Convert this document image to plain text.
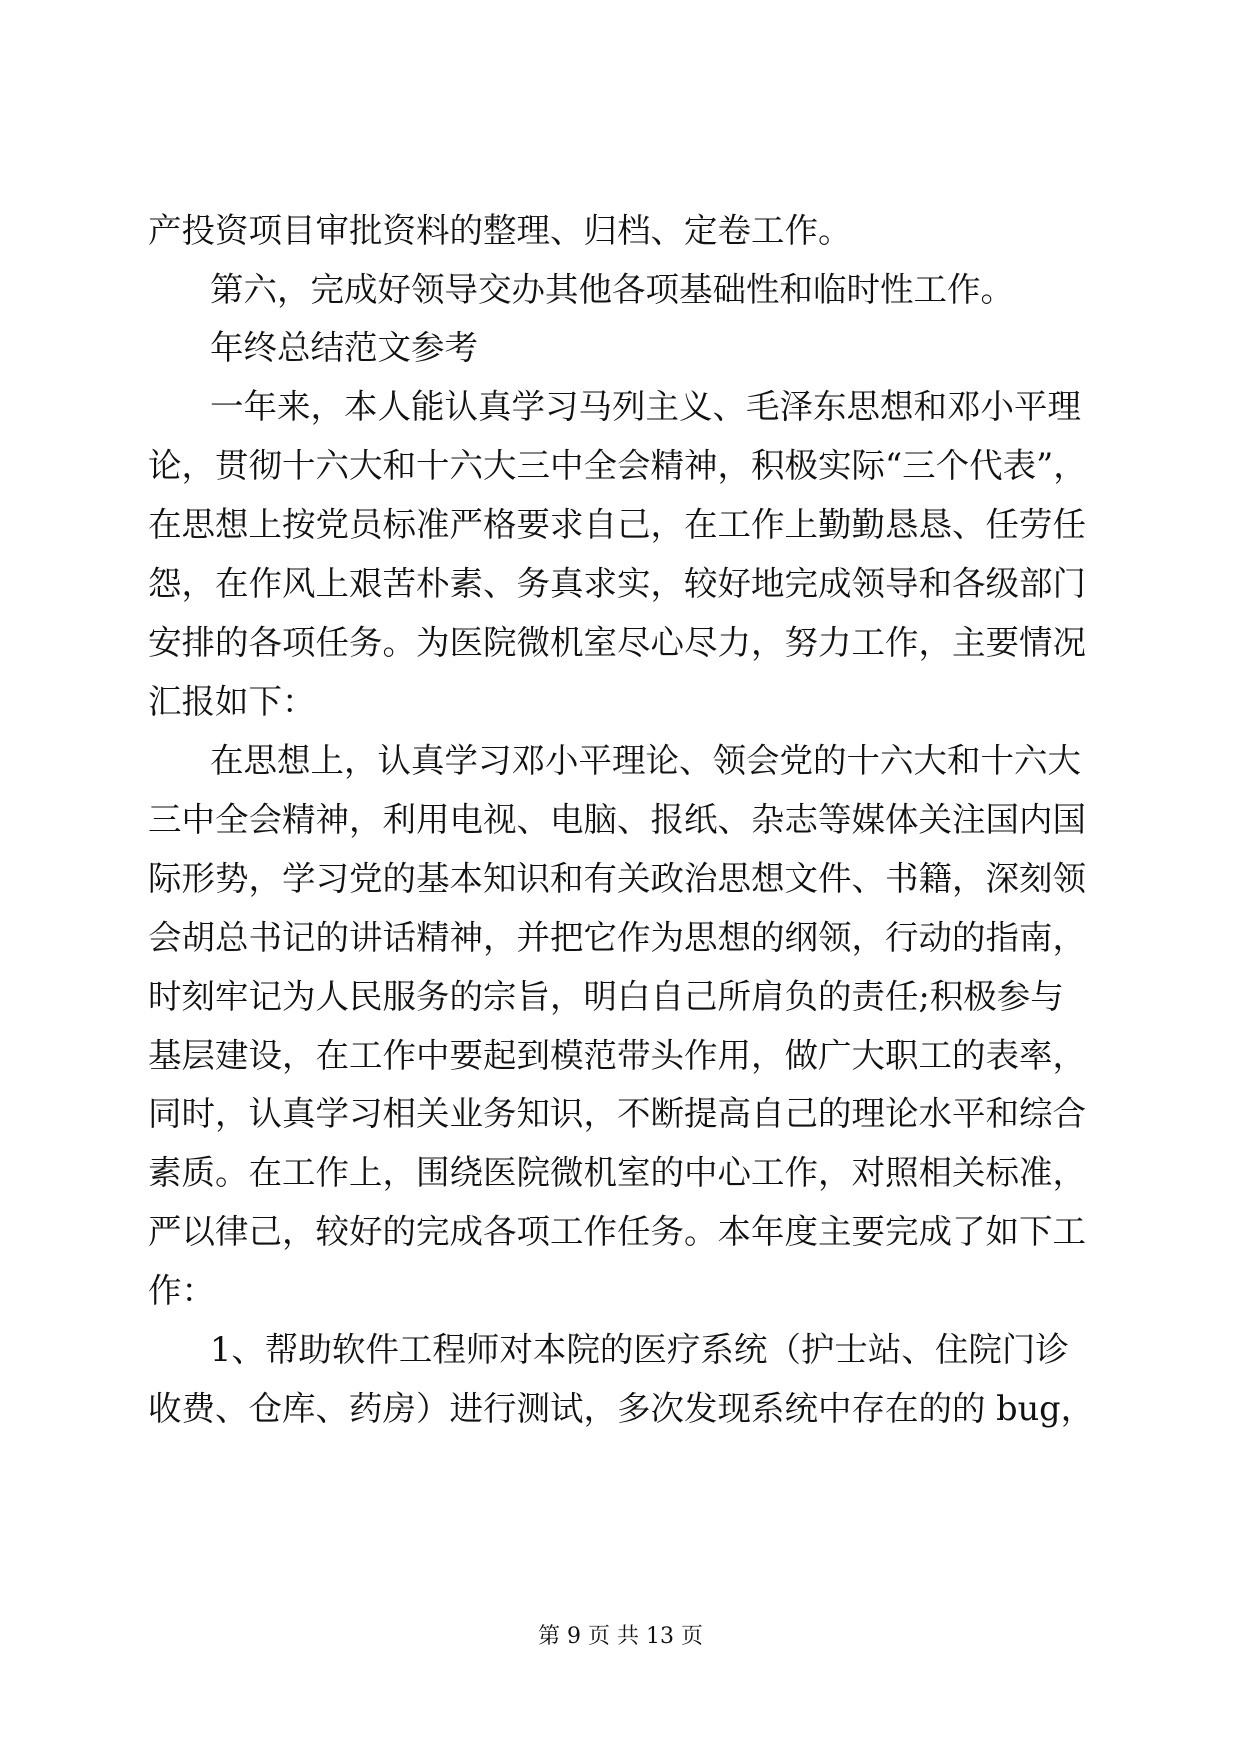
产投资项目审批资料的整理、归档、定卷工作。

第六，完成好领导交办其他各项基础性和临时性工作。

年终总结范文参考

一年来，本人能认真学习马列主义、毛泽东思想和邓小平理

论，贯彻十六大和十六大三中全会精神，积极实际“三个代表”，

在思想上按党员标准严格要求自己，在工作上勤勤恳恳、任劳任

怨，在作风上艰苦朴素、务真求实，较好地完成领导和各级部门

安排的各项任务。为医院微机室尽心尽力，努力工作，主要情况

汇报如下：

在思想上，认真学习邓小平理论、领会党的十六大和十六大

三中全会精神，利用电视、电脑、报纸、杂志等媒体关注国内国

际形势，学习党的基本知识和有关政治思想文件、书籍，深刻领

会胡总书记的讲话精神，并把它作为思想的纲领，行动的指南，

时刻牢记为人民服务的宗旨，明白自己所肩负的责任;积极参与

基层建设，在工作中要起到模范带头作用，做广大职工的表率，

同时，认真学习相关业务知识，不断提高自己的理论水平和综合

素质。在工作上，围绕医院微机室的中心工作，对照相关标准，

严以律己，较好的完成各项工作任务。本年度主要完成了如下工

作：

1、帮助软件工程师对本院的医疗系统（护士站、住院门诊

收费、仓库、药房）进行测试，多次发现系统中存在的的 bug，

第 9 页 共 13 页
